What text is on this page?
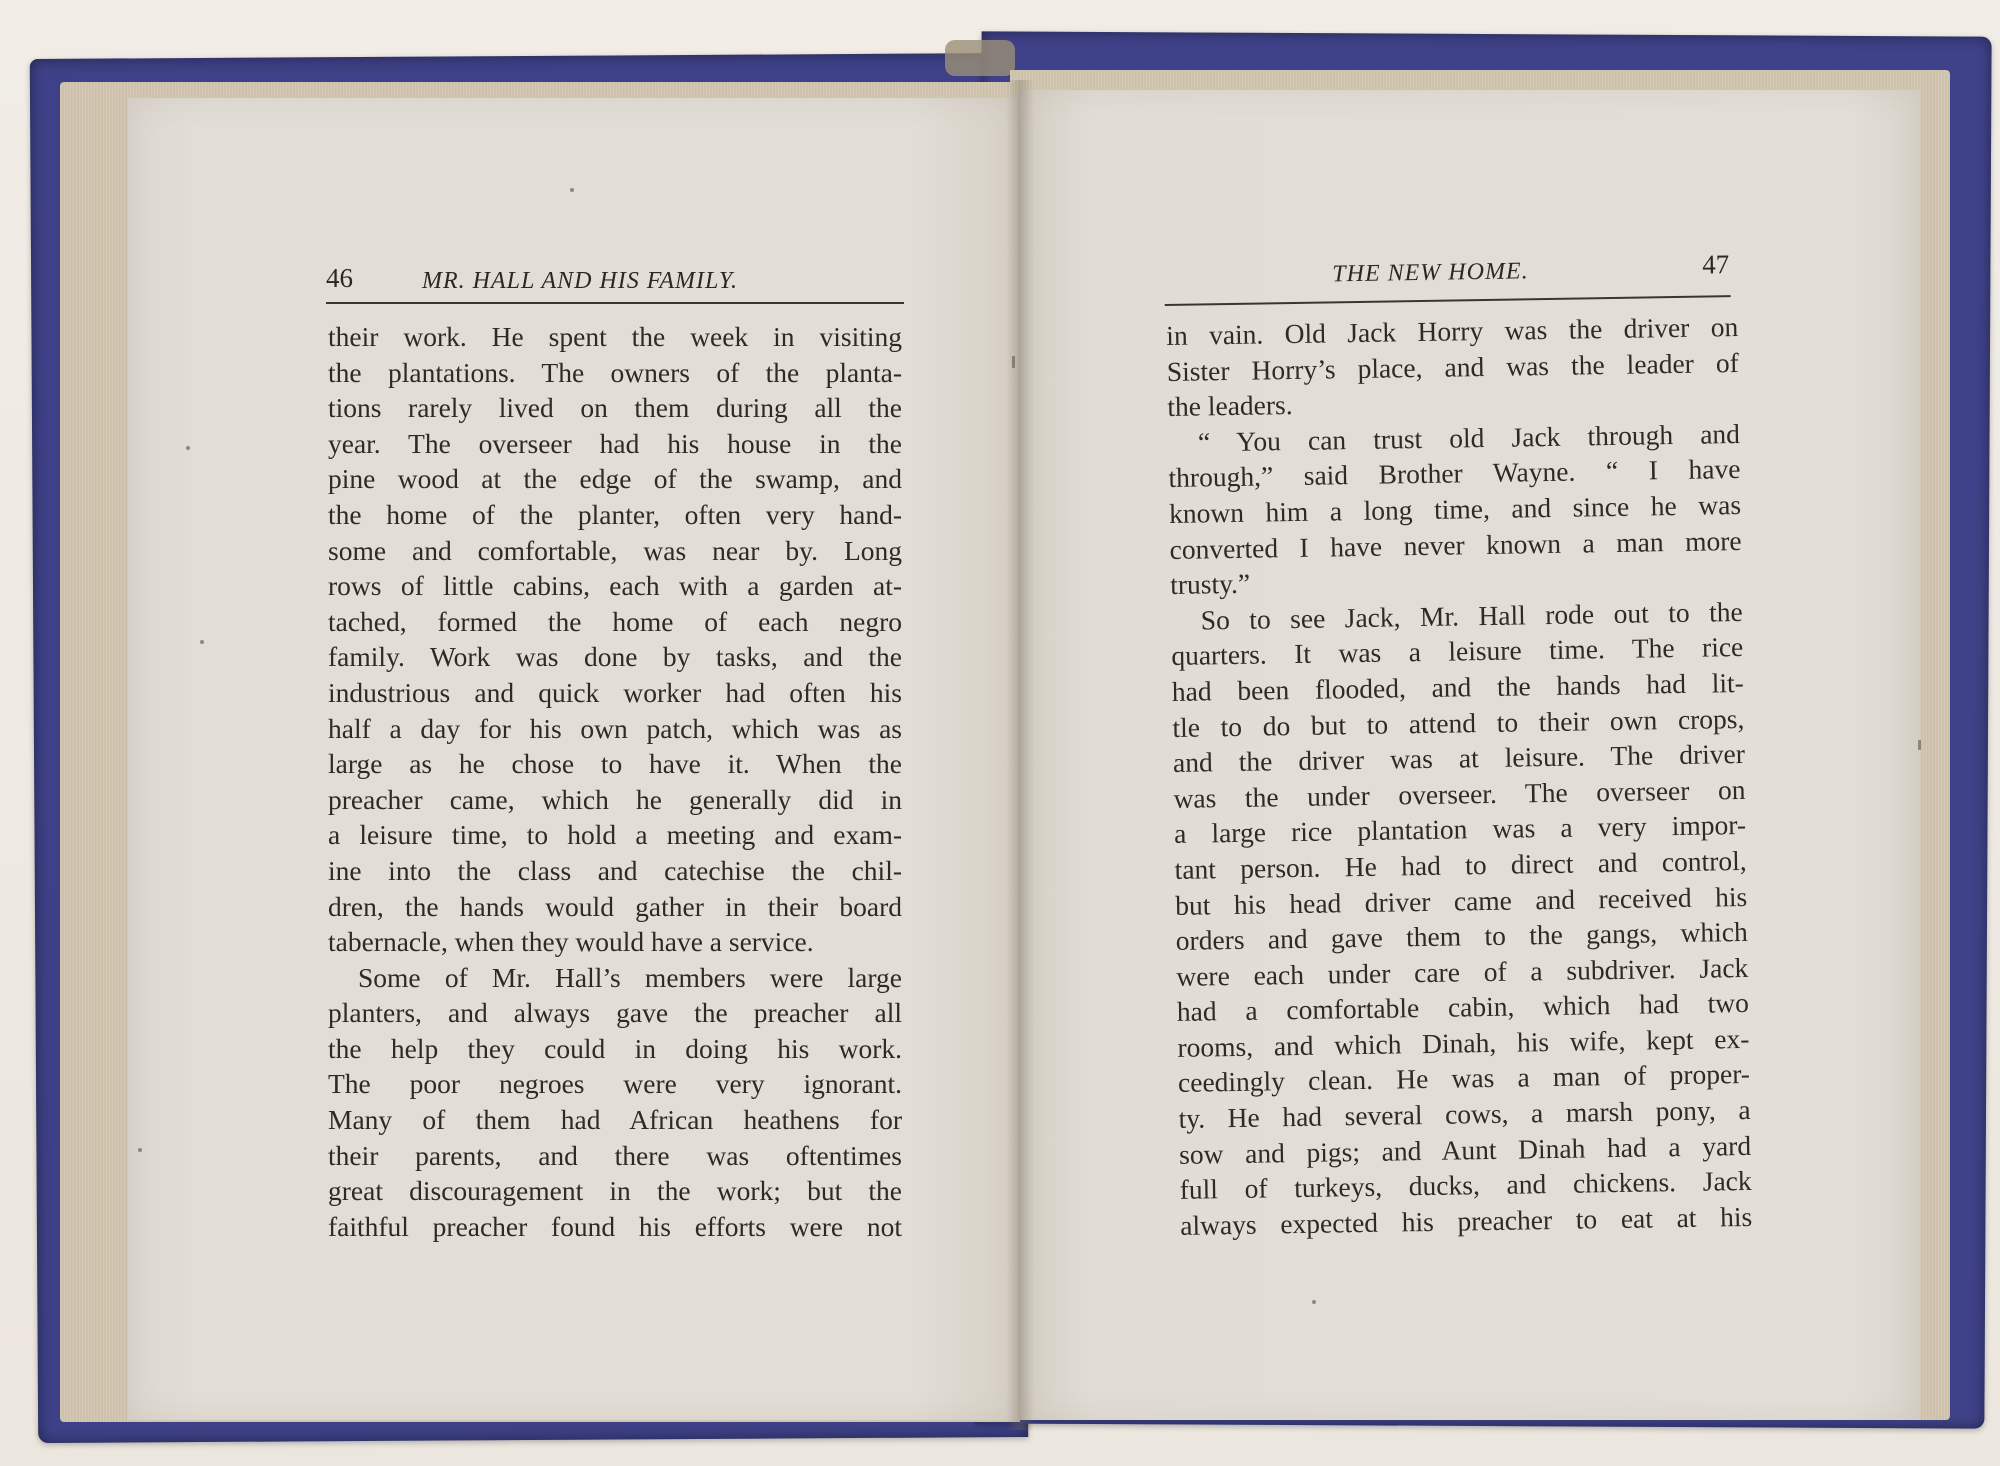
46	MR. HALL AND HIS FAMILY.
their work. He spent the week in visiting
the plantations. The owners of the planta-
tions rarely lived on them during all the
year. The overseer had his house in the
pine wood at the edge of the swamp, and
the home of the planter, often very hand-
some and comfortable, was near by. Long
rows of little cabins, each with a garden at-
tached, formed the home of each negro
family. Work was done by tasks, and the
industrious and quick worker had often his
half a day for his own patch, which was as
large as he chose to have it. When the
preacher came, which he generally did in
a leisure time, to hold a meeting and exam-
ine into the class and catechise the chil-
dren, the hands would gather in their board
tabernacle, when they would have a service.
Some of Mr. Hall’s members were large
planters, and always gave the preacher all
the help they could in doing his work.
The poor negroes were very ignorant.
Many of them had African heathens for
their parents, and there was oftentimes
great discouragement in the work; but the
faithful preacher found his efforts were not
THE NEW HOME.	47
in vain. Old Jack Horry was the driver on
Sister Horry’s place, and was the leader of
the leaders.
“ You can trust old Jack through and
through,” said Brother Wayne. “ I have
known him a long time, and since he was
converted I have never known a man more
trusty.”
So to see Jack, Mr. Hall rode out to the
quarters. It was a leisure time. The rice
had been flooded, and the hands had lit-
tle to do but to attend to their own crops,
and the driver was at leisure. The driver
was the under overseer. The overseer on
a large rice plantation was a very impor-
tant person. He had to direct and control,
but his head driver came and received his
orders and gave them to the gangs, which
were each under care of a subdriver. Jack
had a comfortable cabin, which had two
rooms, and which Dinah, his wife, kept ex-
ceedingly clean. He was a man of proper-
ty. He had several cows, a marsh pony, a
sow and pigs; and Aunt Dinah had a yard
full of turkeys, ducks, and chickens. Jack
always expected his preacher to eat at his
